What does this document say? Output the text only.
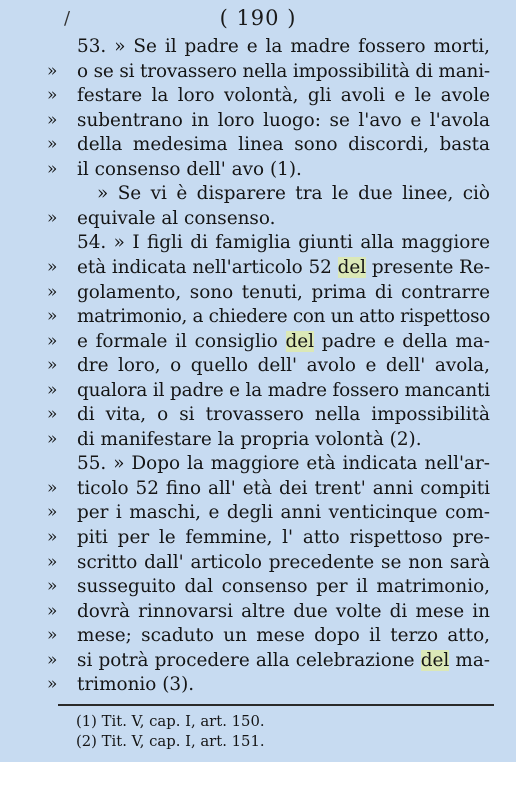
/	( 190 )
53. » Se il padre e la madre fossero morti,
»	o se si trovassero nella impossibilità di mani-
»	festare la loro volontà, gli avoli e le avole
»	subentrano in loro luogo: se l'avo e l'avola
»	della medesima linea sono discordi, basta
»	il consenso dell' avo (1).
» Se vi è disparere tra le due linee, ciò
»	equivale al consenso.
54. » I figli di famiglia giunti alla maggiore
»	età indicata nell'articolo 52 del presente Re-
»	golamento, sono tenuti, prima di contrarre
»	matrimonio, a chiedere con un atto rispettoso
»	e formale il consiglio del padre e della ma-
»	dre loro, o quello dell' avolo e dell' avola,
»	qualora il padre e la madre fossero mancanti
»	di vita, o si trovassero nella impossibilità
»	di manifestare la propria volontà (2).
55. » Dopo la maggiore età indicata nell'ar-
»	ticolo 52 fino all' età dei trent' anni compiti
»	per i maschi, e degli anni venticinque com-
»	piti per le femmine, l' atto rispettoso pre-
»	scritto dall' articolo precedente se non sarà
»	susseguito dal consenso per il matrimonio,
»	dovrà rinnovarsi altre due volte di mese in
»	mese; scaduto un mese dopo il terzo atto,
»	si potrà procedere alla celebrazione del ma-
»	trimonio (3).
(1) Tit. V, cap. I, art. 150.
(2) Tit. V, cap. I, art. 151.
